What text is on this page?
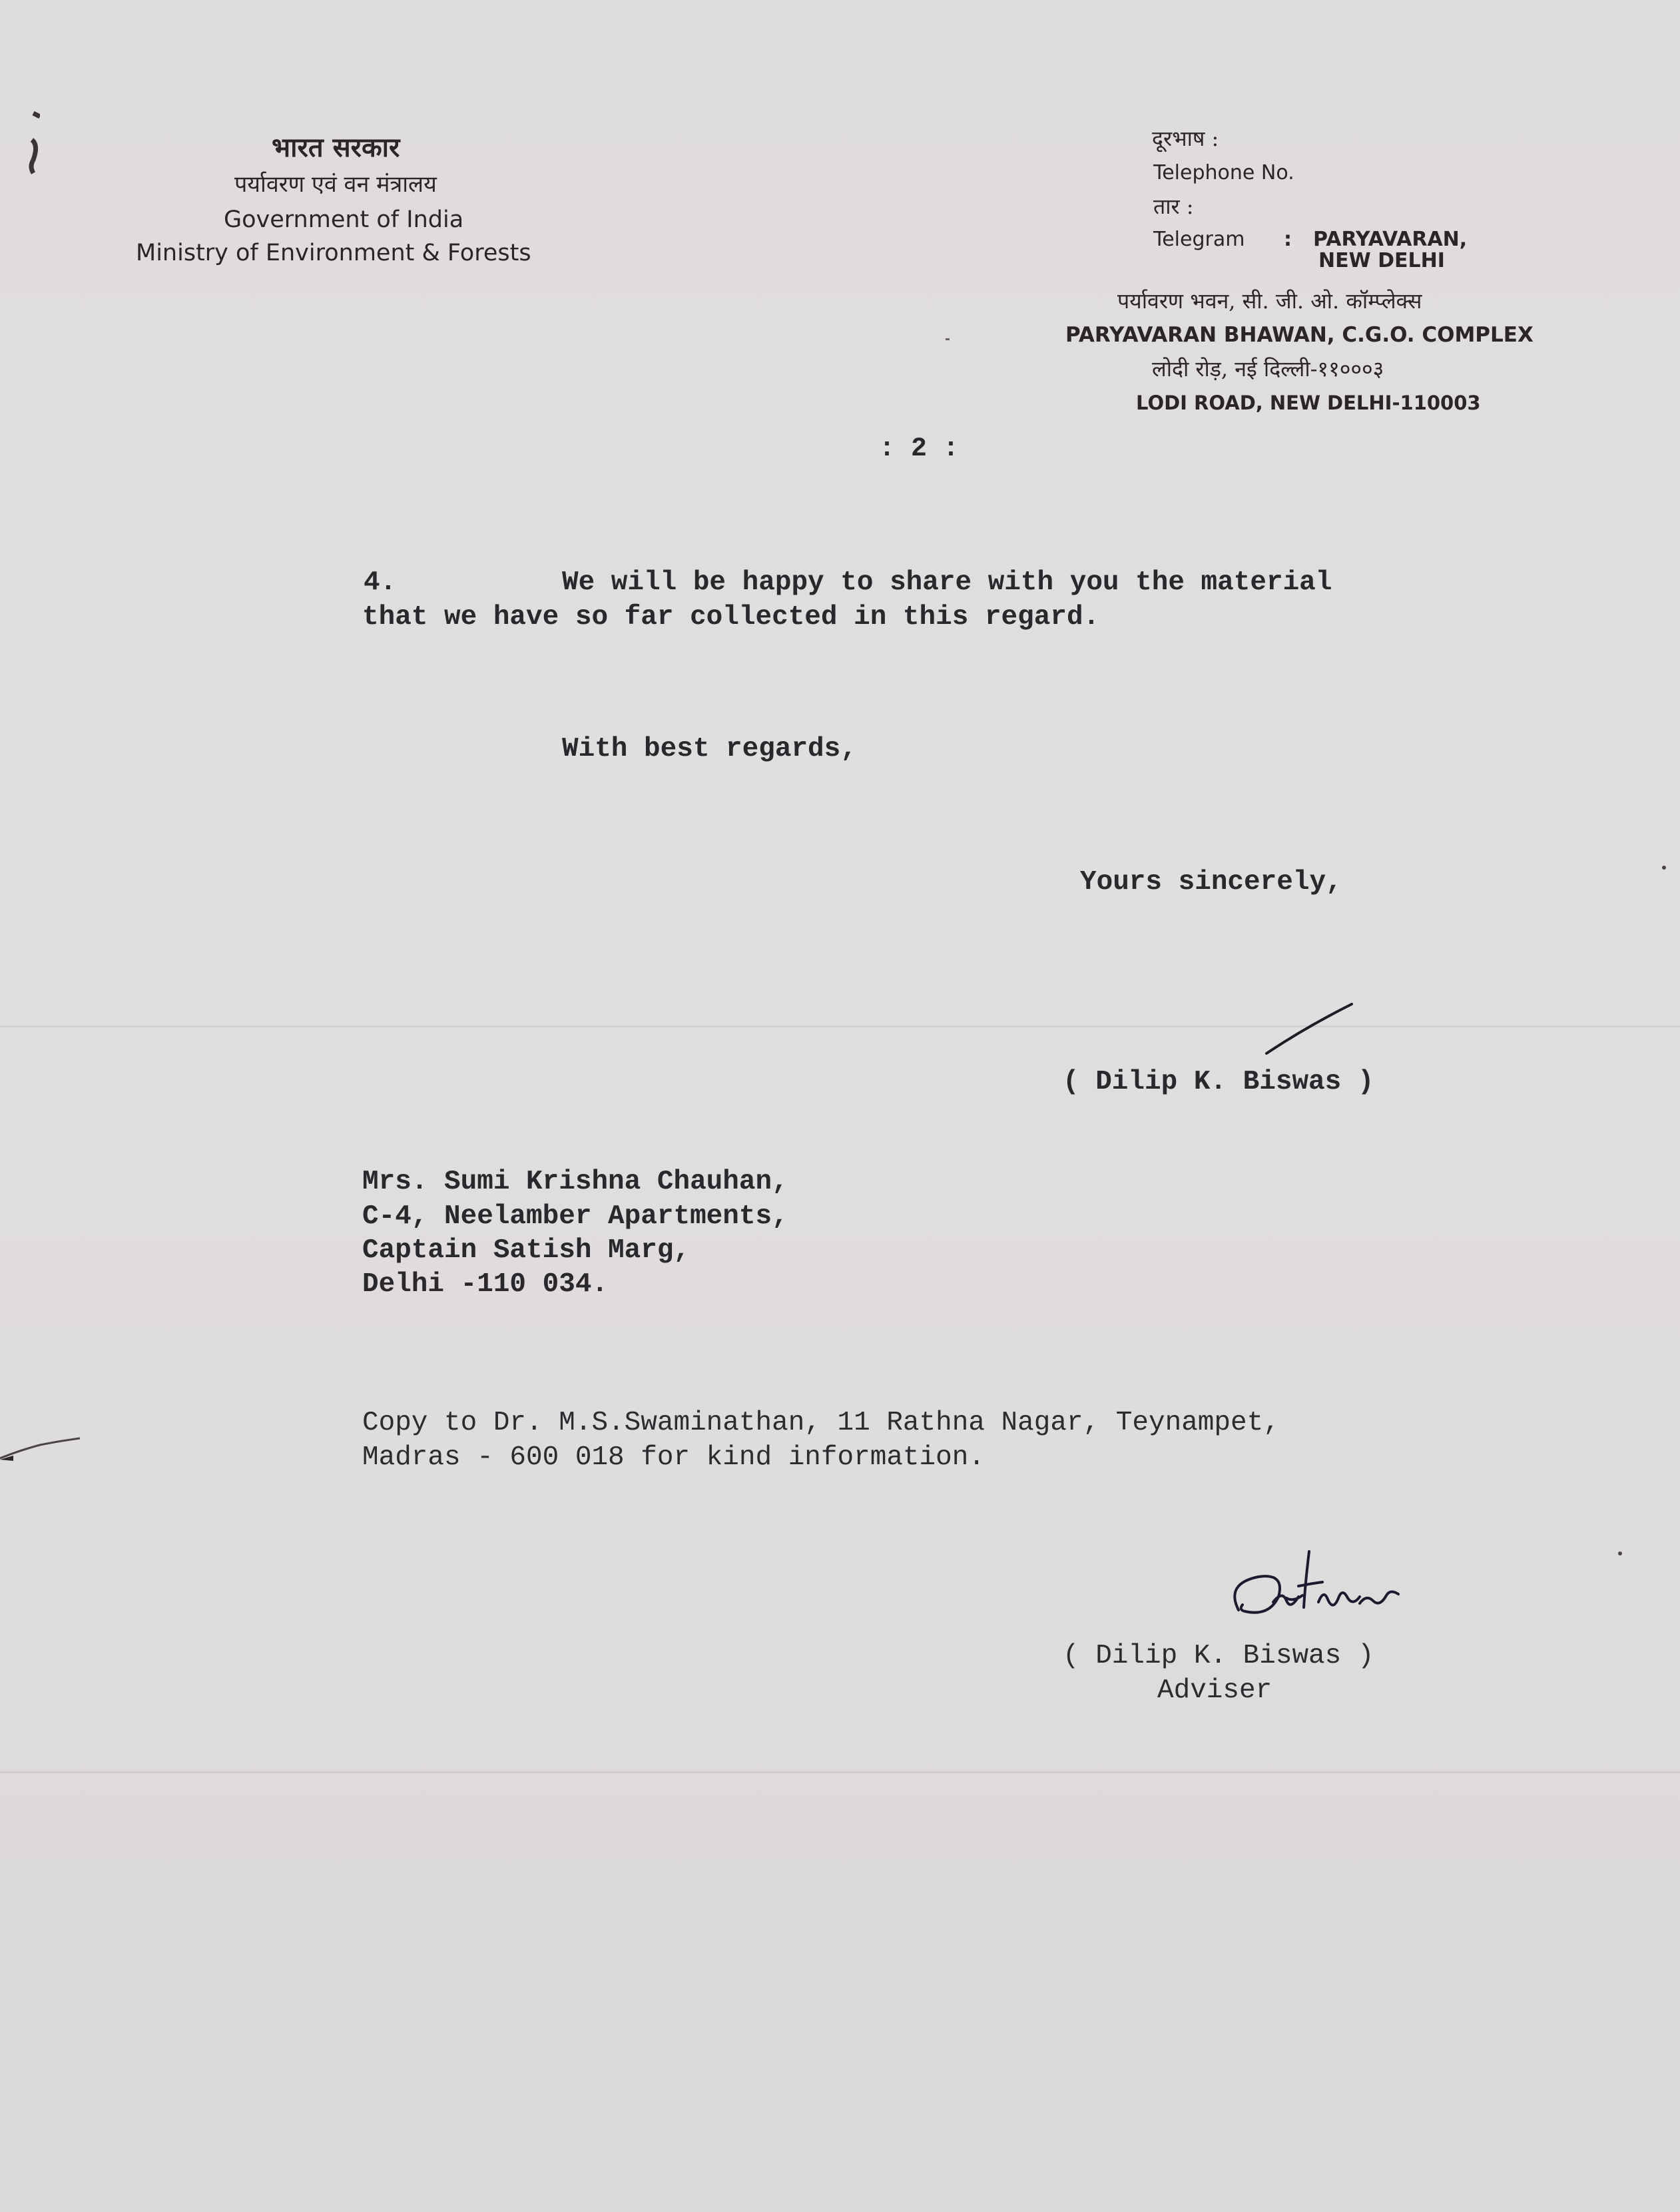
भारत सरकार
पर्यावरण एवं वन मंत्रालय
Government of India
Ministry of Environment & Forests
दूरभाष :
Telephone No.
तार :
Telegram : PARYAVARAN,
NEW DELHI
पर्यावरण भवन, सी. जी. ओ. कॉम्प्लेक्स
PARYAVARAN BHAWAN, C.G.O. COMPLEX
लोदी रोड़, नई दिल्ली-११०००३
LODI ROAD, NEW DELHI-110003
: 2 :
4.	We will be happy to share with you the material
that we have so far collected in this regard.
With best regards,
Yours sincerely,
( Dilip K. Biswas )
Mrs. Sumi Krishna Chauhan,
C-4, Neelamber Apartments,
Captain Satish Marg,
Delhi -110 034.
Copy to Dr. M.S.Swaminathan, 11 Rathna Nagar, Teynampet,
Madras - 600 018 for kind information.
( Dilip K. Biswas )
Adviser
